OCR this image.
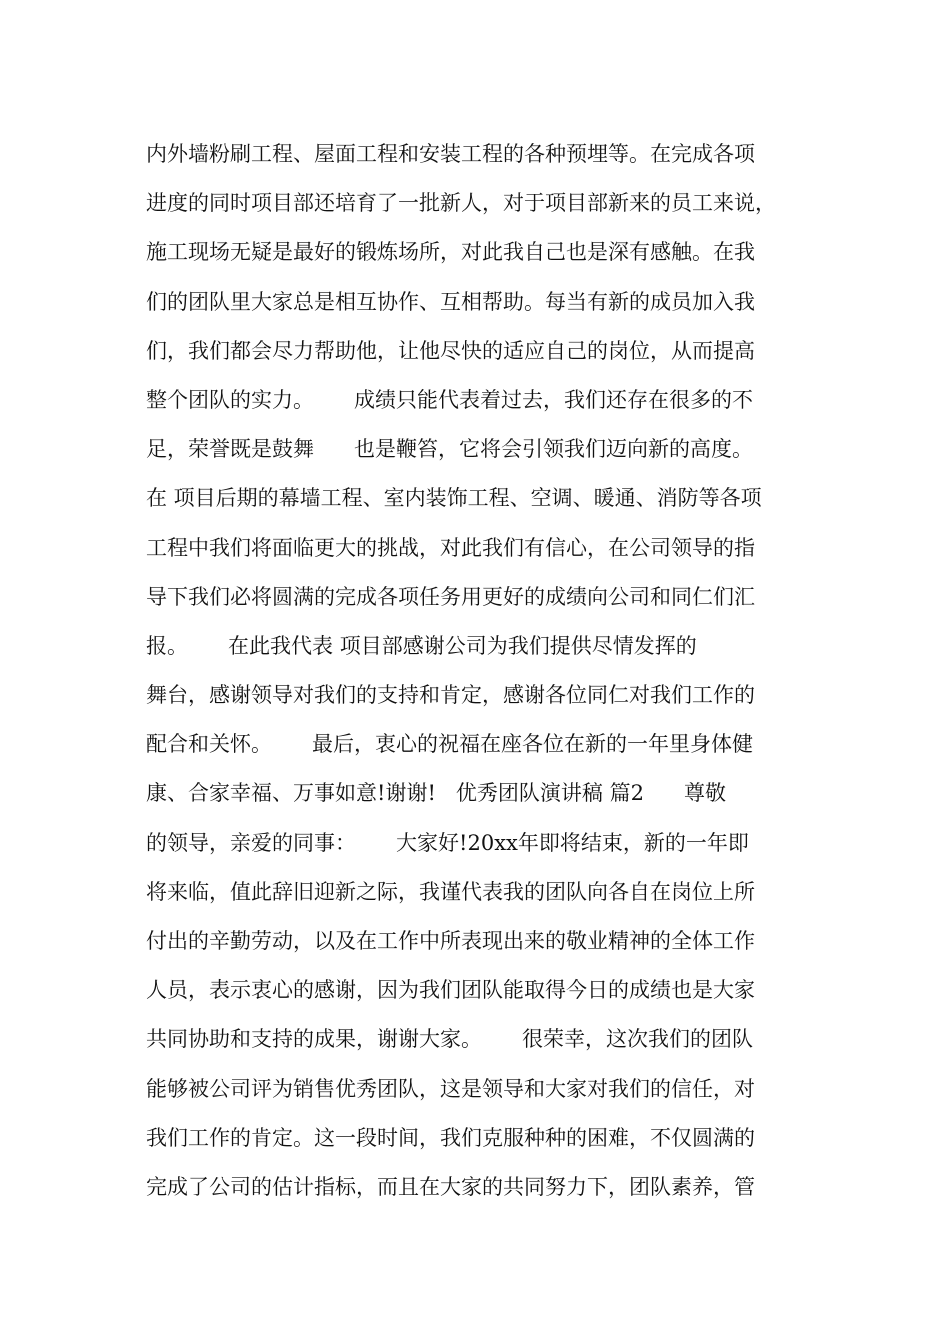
内外墙粉刷工程、屋面工程和安装工程的各种预埋等。在完成各项
进度的同时项目部还培育了一批新人，对于项目部新来的员工来说，
施工现场无疑是最好的锻炼场所，对此我自己也是深有感触。在我
们的团队里大家总是相互协作、互相帮助。每当有新的成员加入我
们，我们都会尽力帮助他，让他尽快的适应自己的岗位，从而提高
整个团队的实力。      成绩只能代表着过去，我们还存在很多的不
足，荣誉既是鼓舞      也是鞭笞，它将会引领我们迈向新的高度。
在 项目后期的幕墙工程、室内装饰工程、空调、暖通、消防等各项
工程中我们将面临更大的挑战，对此我们有信心，在公司领导的指
导下我们必将圆满的完成各项任务用更好的成绩向公司和同仁们汇
报。      在此我代表 项目部感谢公司为我们提供尽情发挥的
舞台，感谢领导对我们的支持和肯定，感谢各位同仁对我们工作的
配合和关怀。      最后，衷心的祝福在座各位在新的一年里身体健
康、合家幸福、万事如意!谢谢!   优秀团队演讲稿 篇2      尊敬
的领导，亲爱的同事：      大家好!20xx年即将结束，新的一年即
将来临，值此辞旧迎新之际，我谨代表我的团队向各自在岗位上所
付出的辛勤劳动，以及在工作中所表现出来的敬业精神的全体工作
人员，表示衷心的感谢，因为我们团队能取得今日的成绩也是大家
共同协助和支持的成果，谢谢大家。      很荣幸，这次我们的团队
能够被公司评为销售优秀团队，这是领导和大家对我们的信任，对
我们工作的肯定。这一段时间，我们克服种种的困难，不仅圆满的
完成了公司的估计指标，而且在大家的共同努力下，团队素养，管
